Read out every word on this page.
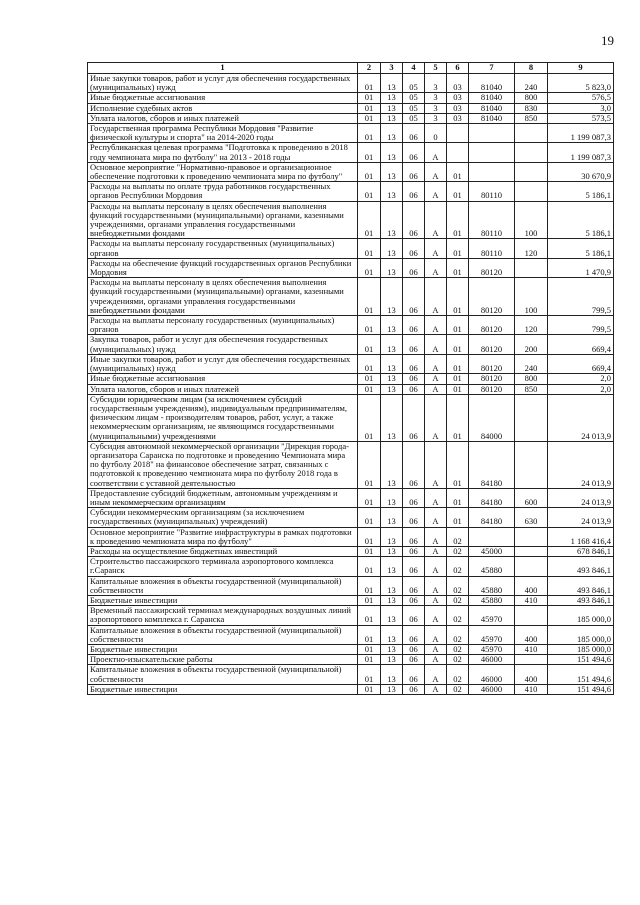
19
1	2	3	4	5	6	7	8	9
Иные закупки товаров, работ и услуг для обеспечения государственных (муниципальных) нужд	01	13	05	3	03	81040	240	5 823,0
Иные бюджетные ассигнования	01	13	05	3	03	81040	800	576,5
Исполнение судебных актов	01	13	05	3	03	81040	830	3,0
Уплата налогов, сборов и иных платежей	01	13	05	3	03	81040	850	573,5
Государственная программа Республики Мордовия "Развитие физической культуры и спорта" на 2014-2020 годы	01	13	06	0				1 199 087,3
Республиканская целевая программа "Подготовка к проведению в 2018 году чемпионата мира по футболу" на 2013 - 2018 годы	01	13	06	А				1 199 087,3
Основное мероприятие "Нормативно-правовое и организационное обеспечение подготовки к проведению чемпионата мира по футболу"	01	13	06	А	01			30 670,9
Расходы на выплаты по оплате труда работников государственных органов Республики Мордовия	01	13	06	А	01	80110		5 186,1
Расходы на выплаты персоналу в целях обеспечения выполнения функций государственными (муниципальными) органами, казенными учреждениями, органами управления государственными внебюджетными фондами	01	13	06	А	01	80110	100	5 186,1
Расходы на выплаты персоналу государственных (муниципальных) органов	01	13	06	А	01	80110	120	5 186,1
Расходы на обеспечение функций государственных органов Республики Мордовия	01	13	06	А	01	80120		1 470,9
Расходы на выплаты персоналу в целях обеспечения выполнения функций государственными (муниципальными) органами, казенными учреждениями, органами управления государственными внебюджетными фондами	01	13	06	А	01	80120	100	799,5
Расходы на выплаты персоналу государственных (муниципальных) органов	01	13	06	А	01	80120	120	799,5
Закупка товаров, работ и услуг для обеспечения государственных (муниципальных) нужд	01	13	06	А	01	80120	200	669,4
Иные закупки товаров, работ и услуг для обеспечения государственных (муниципальных) нужд	01	13	06	А	01	80120	240	669,4
Иные бюджетные ассигнования	01	13	06	А	01	80120	800	2,0
Уплата налогов, сборов и иных платежей	01	13	06	А	01	80120	850	2,0
Субсидии юридическим лицам (за исключением субсидий государственным учреждениям), индивидуальным предпринимателям, физическим лицам - производителям товаров, работ, услуг, а также некоммерческим организациям, не являющимся государственными (муниципальными) учреждениями	01	13	06	А	01	84000		24 013,9
Субсидия автономной некоммерческой организации "Дирекция города-организатора Саранска по подготовке и проведению Чемпионата мира по футболу 2018" на финансовое обеспечение затрат, связанных с подготовкой к проведению чемпионата мира по футболу 2018 года в соответствии с уставной деятельностью	01	13	06	А	01	84180		24 013,9
Предоставление субсидий бюджетным, автономным учреждениям и иным некоммерческим организациям	01	13	06	А	01	84180	600	24 013,9
Субсидии некоммерческим организациям (за исключением государственных (муниципальных) учреждений)	01	13	06	А	01	84180	630	24 013,9
Основное мероприятие "Развитие инфраструктуры в рамках подготовки к проведению чемпионата мира по футболу"	01	13	06	А	02			1 168 416,4
Расходы на осуществление бюджетных инвестиций	01	13	06	А	02	45000		678 846,1
Строительство пассажирского терминала аэропортового комплекса г.Саранск	01	13	06	А	02	45880		493 846,1
Капитальные вложения в объекты государственной (муниципальной) собственности	01	13	06	А	02	45880	400	493 846,1
Бюджетные инвестиции	01	13	06	А	02	45880	410	493 846,1
Временный пассажирский терминал международных воздушных линий аэропортового комплекса г. Саранска	01	13	06	А	02	45970		185 000,0
Капитальные вложения в объекты государственной (муниципальной) собственности	01	13	06	А	02	45970	400	185 000,0
Бюджетные инвестиции	01	13	06	А	02	45970	410	185 000,0
Проектно-изыскательские работы	01	13	06	А	02	46000		151 494,6
Капитальные вложения в объекты государственной (муниципальной) собственности	01	13	06	А	02	46000	400	151 494,6
Бюджетные инвестиции	01	13	06	А	02	46000	410	151 494,6
